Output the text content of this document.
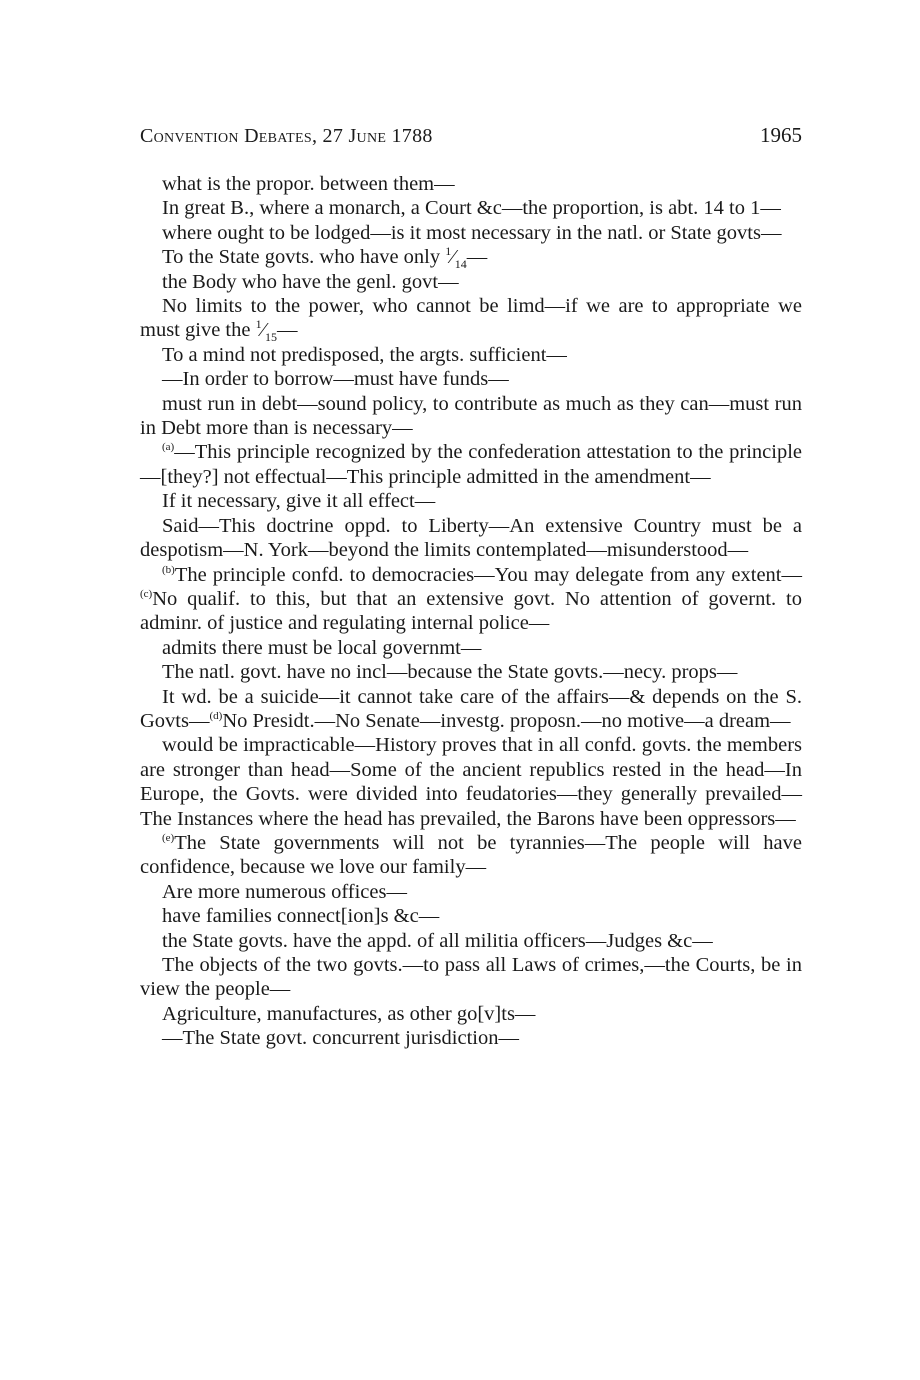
Convention Debates, 27 June 1788	1965

what is the propor. between them—

In great B., where a monarch, a Court &c—the proportion, is abt. 14 to 1—

where ought to be lodged—is it most necessary in the natl. or State govts—

To the State govts. who have only $^1⁄_{14}—$

the Body who have the genl. govt—

No limits to the power, who cannot be limd—if we are to appropriate we must give the $^1⁄_{15}—$

To a mind not predisposed, the argts. sufficient—

—In order to borrow—must have funds—

must run in debt—sound policy, to contribute as much as they can—must run in Debt more than is necessary—

$^{(a)}$—This principle recognized by the confederation attestation to the principle—[they?] not effectual—This principle admitted in the amendment—

If it necessary, give it all effect—

Said—This doctrine oppd. to Liberty—An extensive Country must be a despotism—N. York—beyond the limits contemplated—misunderstood—

$^{(b)}$The principle confd. to democracies—You may delegate from any extent—$^{(c)}$No qualif. to this, but that an extensive govt. No attention of governt. to adminr. of justice and regulating internal police—

admits there must be local governmt—

The natl. govt. have no incl—because the State govts.—necy. props—

It wd. be a suicide—it cannot take care of the affairs—& depends on the S. Govts—$^{(d)}$No Presidt.—No Senate—investg. proposn.—no motive—a dream—

would be impracticable—History proves that in all confd. govts. the members are stronger than head—Some of the ancient republics rested in the head—In Europe, the Govts. were divided into feudatories—they generally prevailed—The Instances where the head has prevailed, the Barons have been oppressors—

$^{(e)}$The State governments will not be tyrannies—The people will have confidence, because we love our family—

Are more numerous offices—

have families connect[ion]s &c—

the State govts. have the appd. of all militia officers—Judges &c—

The objects of the two govts.—to pass all Laws of crimes,—the Courts, be in view the people—

Agriculture, manufactures, as other go[v]ts—

—The State govt. concurrent jurisdiction—
